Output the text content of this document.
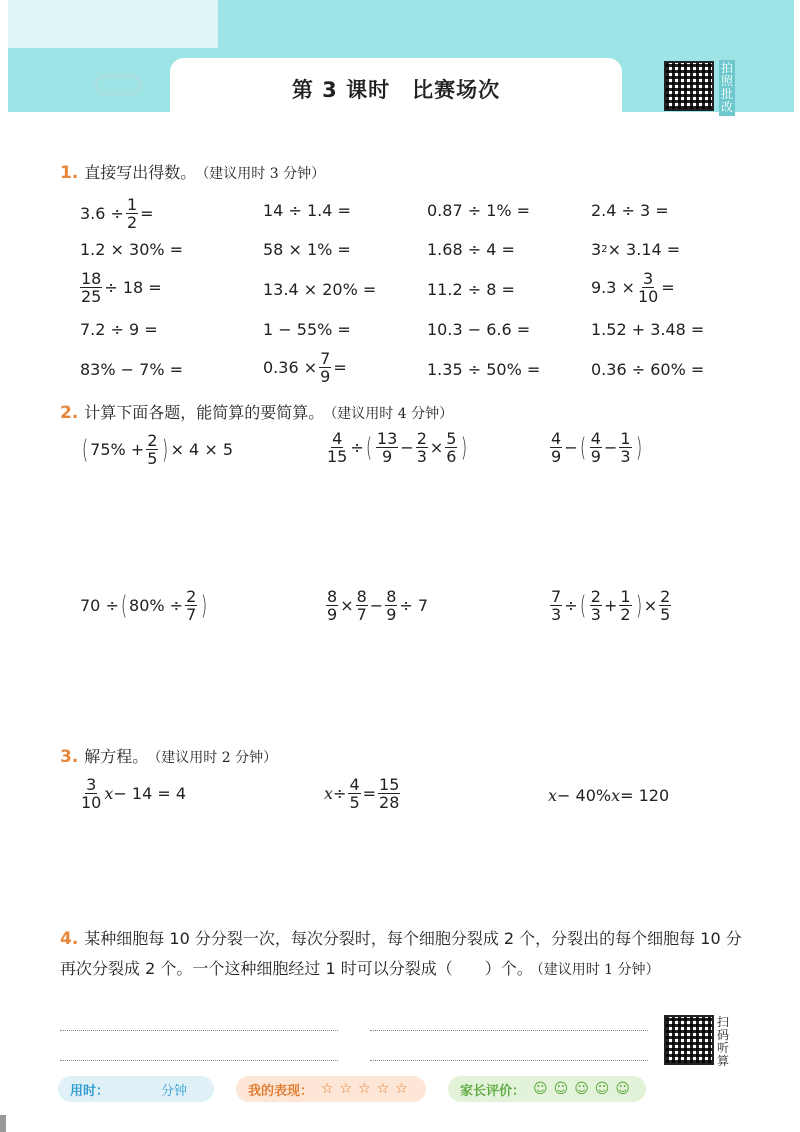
第 3 课时　比赛场次
拍照批改
1. 直接写出得数。 （建议用时 3 分钟）
$3.6 \div \frac{1}{2}$ =	14 ÷ 1.4 =	0.87 ÷ 1% =	2.4 ÷ 3 =
1.2 × 30% =	58 × 1% =	1.68 ÷ 4 =	3 2 × 3.14 =
$\frac{18}{25} \div 18$ =	13.4 × 20% =	11.2 ÷ 8 =	$9.3 \times \frac{3}{10}$ =
7.2 ÷ 9 =	1 − 55% =	10.3 − 6.6 =	1.52 + 3.48 =
83% − 7% =	$0.36 \times \frac{7}{9}$ =	1.35 ÷ 50% =	0.36 ÷ 60% =
2. 计算下面各题，能简算的要简算。 （建议用时 4 分钟）
( $75\% + \frac{2}{5}$ ) × 4 × 5	$\frac{4}{15}$ ÷ ( $\frac{13}{9} - \frac{2}{3} \times \frac{5}{6}$ )	$\frac{4}{9}$ − ( $\frac{4}{9} - \frac{1}{3}$ )
70 ÷ ( $80\% \div \frac{2}{7}$ )	$\frac{8}{9} \times \frac{8}{7} - \frac{8}{9} \div 7$	$\frac{7}{3}$ ÷ ( $\frac{2}{3} + \frac{1}{2}$ ) × $\frac{2}{5}$
3. 解方程。 （建议用时 2 分钟）
$\frac{3}{10}$ x − 14 = 4	$x \div \frac{4}{5} = \frac{15}{28}$	x − 40% x = 120
4. 某种细胞每 10 分分裂一次，每次分裂时，每个细胞分裂成 2 个，分裂出的每个细胞每 10 分再次分裂成 2 个。一个这种细胞经过 1 时可以分裂成（　　）个。 （建议用时 1 分钟）
扫码听算
用时：	分钟	我的表现： ☆☆☆☆☆	家长评价： ☺☺☺☺☺
